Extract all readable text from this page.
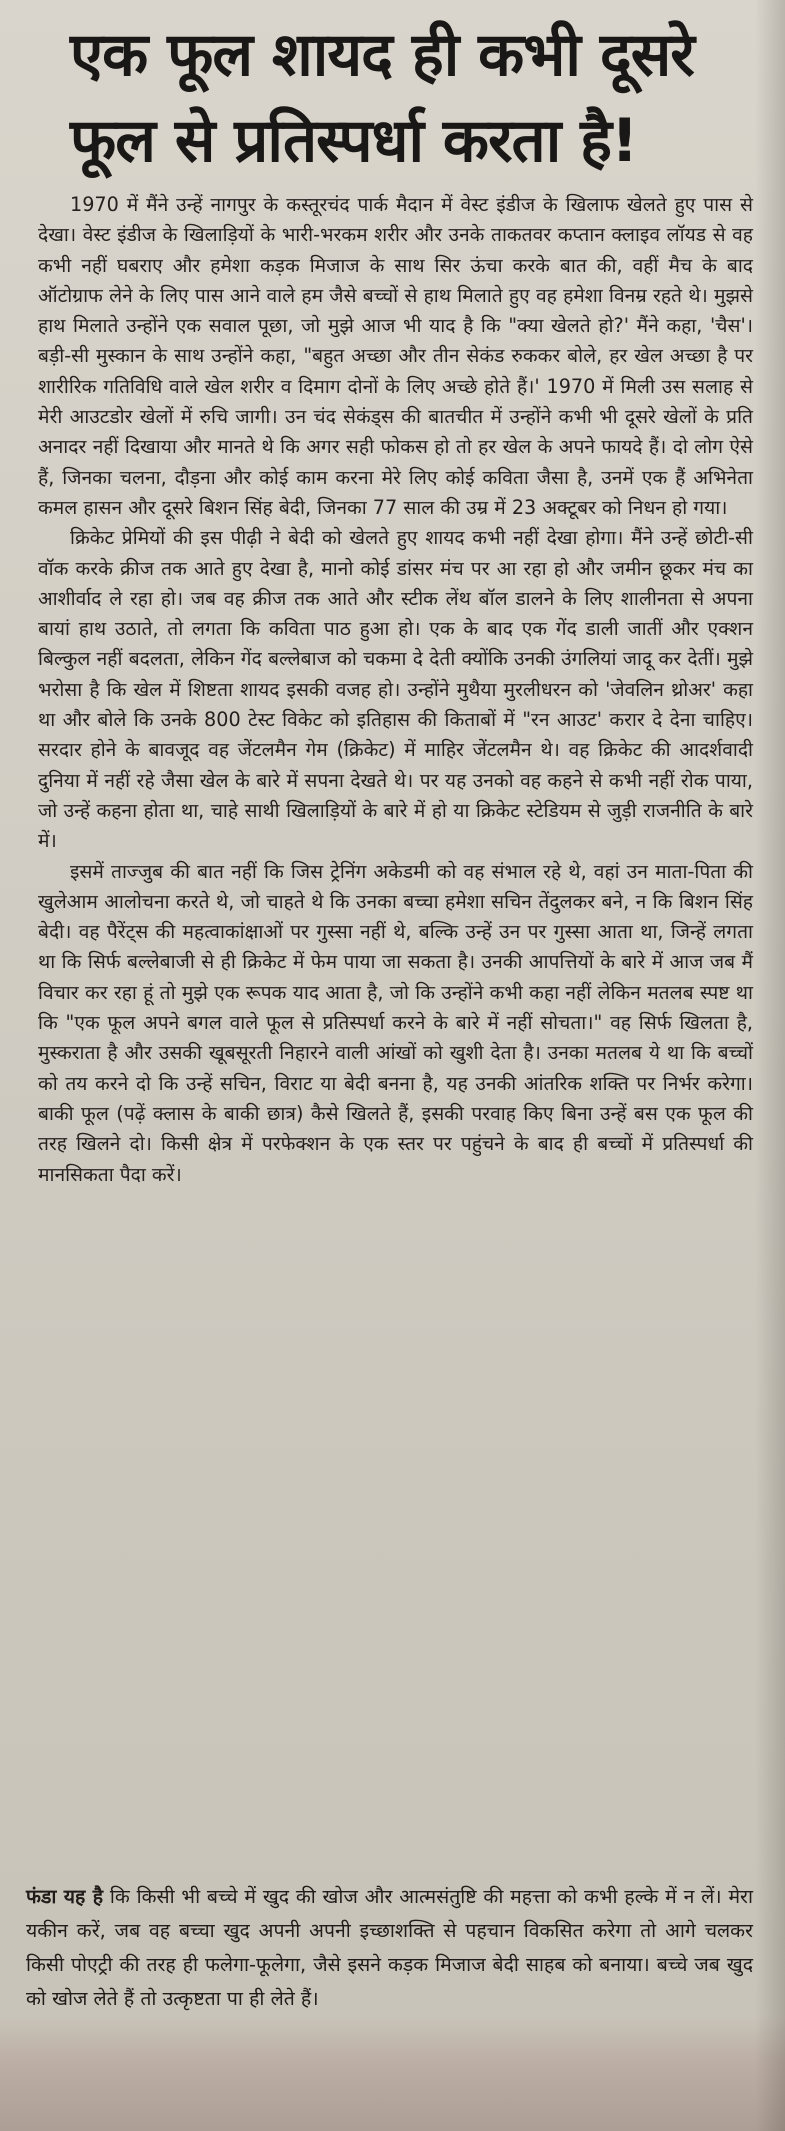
एक फूल शायद ही कभी दूसरे
फूल से प्रतिस्पर्धा करता है!

1970 में मैंने उन्हें नागपुर के कस्तूरचंद पार्क मैदान में वेस्ट इंडीज के खिलाफ खेलते हुए पास से देखा। वेस्ट इंडीज के खिलाड़ियों के भारी-भरकम शरीर और उनके ताकतवर कप्तान क्लाइव लॉयड से वह कभी नहीं घबराए और हमेशा कड़क मिजाज के साथ सिर ऊंचा करके बात की, वहीं मैच के बाद ऑटोग्राफ लेने के लिए पास आने वाले हम जैसे बच्चों से हाथ मिलाते हुए वह हमेशा विनम्र रहते थे। मुझसे हाथ मिलाते उन्होंने एक सवाल पूछा, जो मुझे आज भी याद है कि "क्या खेलते हो?' मैंने कहा, 'चैस'। बड़ी-सी मुस्कान के साथ उन्होंने कहा, "बहुत अच्छा और तीन सेकंड रुककर बोले, हर खेल अच्छा है पर शारीरिक गतिविधि वाले खेल शरीर व दिमाग दोनों के लिए अच्छे होते हैं।' 1970 में मिली उस सलाह से मेरी आउटडोर खेलों में रुचि जागी। उन चंद सेकंड्स की बातचीत में उन्होंने कभी भी दूसरे खेलों के प्रति अनादर नहीं दिखाया और मानते थे कि अगर सही फोकस हो तो हर खेल के अपने फायदे हैं। दो लोग ऐसे हैं, जिनका चलना, दौड़ना और कोई काम करना मेरे लिए कोई कविता जैसा है, उनमें एक हैं अभिनेता कमल हासन और दूसरे बिशन सिंह बेदी, जिनका 77 साल की उम्र में 23 अक्टूबर को निधन हो गया।

क्रिकेट प्रेमियों की इस पीढ़ी ने बेदी को खेलते हुए शायद कभी नहीं देखा होगा। मैंने उन्हें छोटी-सी वॉक करके क्रीज तक आते हुए देखा है, मानो कोई डांसर मंच पर आ रहा हो और जमीन छूकर मंच का आशीर्वाद ले रहा हो। जब वह क्रीज तक आते और स्टीक लेंथ बॉल डालने के लिए शालीनता से अपना बायां हाथ उठाते, तो लगता कि कविता पाठ हुआ हो। एक के बाद एक गेंद डाली जातीं और एक्शन बिल्कुल नहीं बदलता, लेकिन गेंद बल्लेबाज को चकमा दे देती क्योंकि उनकी उंगलियां जादू कर देतीं। मुझे भरोसा है कि खेल में शिष्टता शायद इसकी वजह हो। उन्होंने मुथैया मुरलीधरन को 'जेवलिन थ्रोअर' कहा था और बोले कि उनके 800 टेस्ट विकेट को इतिहास की किताबों में "रन आउट' करार दे देना चाहिए। सरदार होने के बावजूद वह जेंटलमैन गेम (क्रिकेट) में माहिर जेंटलमैन थे। वह क्रिकेट की आदर्शवादी दुनिया में नहीं रहे जैसा खेल के बारे में सपना देखते थे। पर यह उनको वह कहने से कभी नहीं रोक पाया, जो उन्हें कहना होता था, चाहे साथी खिलाड़ियों के बारे में हो या क्रिकेट स्टेडियम से जुड़ी राजनीति के बारे में।

इसमें ताज्जुब की बात नहीं कि जिस ट्रेनिंग अकेडमी को वह संभाल रहे थे, वहां उन माता-पिता की खुलेआम आलोचना करते थे, जो चाहते थे कि उनका बच्चा हमेशा सचिन तेंदुलकर बने, न कि बिशन सिंह बेदी। वह पैरेंट्स की महत्वाकांक्षाओं पर गुस्सा नहीं थे, बल्कि उन्हें उन पर गुस्सा आता था, जिन्हें लगता था कि सिर्फ बल्लेबाजी से ही क्रिकेट में फेम पाया जा सकता है। उनकी आपत्तियों के बारे में आज जब मैं विचार कर रहा हूं तो मुझे एक रूपक याद आता है, जो कि उन्होंने कभी कहा नहीं लेकिन मतलब स्पष्ट था कि "एक फूल अपने बगल वाले फूल से प्रतिस्पर्धा करने के बारे में नहीं सोचता।" वह सिर्फ खिलता है, मुस्कराता है और उसकी खूबसूरती निहारने वाली आंखों को खुशी देता है। उनका मतलब ये था कि बच्चों को तय करने दो कि उन्हें सचिन, विराट या बेदी बनना है, यह उनकी आंतरिक शक्ति पर निर्भर करेगा। बाकी फूल (पढ़ें क्लास के बाकी छात्र) कैसे खिलते हैं, इसकी परवाह किए बिना उन्हें बस एक फूल की तरह खिलने दो। किसी क्षेत्र में परफेक्शन के एक स्तर पर पहुंचने के बाद ही बच्चों में प्रतिस्पर्धा की मानसिकता पैदा करें।

फंडा यह है कि किसी भी बच्चे में खुद की खोज और आत्मसंतुष्टि की महत्ता को कभी हल्के में न लें। मेरा यकीन करें, जब वह बच्चा खुद अपनी अपनी इच्छाशक्ति से पहचान विकसित करेगा तो आगे चलकर किसी पोएट्री की तरह ही फलेगा-फूलेगा, जैसे इसने कड़क मिजाज बेदी साहब को बनाया। बच्चे जब खुद को खोज लेते हैं तो उत्कृष्टता पा ही लेते हैं।
